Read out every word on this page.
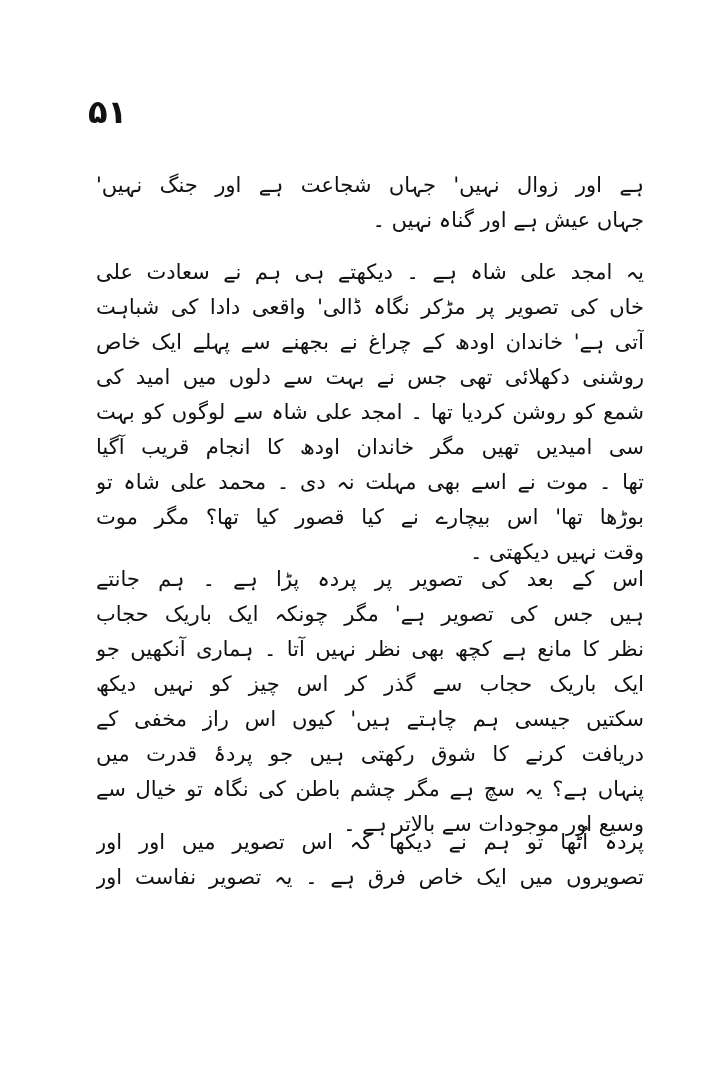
۵۱
ہے اور زوال نہیں' جہاں شجاعت ہے اور جنگ نہیں'
جہاں عیش ہے اور گناہ نہیں ۔
یہ امجد علی شاہ ہے ۔ دیکھتے ہی ہم نے سعادت علی
خاں کی تصویر پر مڑکر نگاہ ڈالی' واقعی دادا کی شباہت
آتی ہے' خاندان اودھ کے چراغ نے بجھنے سے پہلے ایک خاص
روشنی دکھلائی تھی جس نے بہت سے دلوں میں امید کی
شمع کو روشن کردیا تھا ۔ امجد علی شاہ سے لوگوں کو بہت
سی امیدیں تھیں مگر خاندان اودھ کا انجام قریب آگیا
تھا ۔ موت نے اسے بھی مہلت نہ دی ۔ محمد علی شاہ تو
بوڑھا تھا' اس بیچارے نے کیا قصور کیا تھا؟ مگر موت
وقت نہیں دیکھتی ۔
اس کے بعد کی تصویر پر پردہ پڑا ہے ۔ ہم جانتے
ہیں جس کی تصویر ہے' مگر چونکہ ایک باریک حجاب
نظر کا مانع ہے کچھ بھی نظر نہیں آتا ۔ ہماری آنکھیں جو
ایک باریک حجاب سے گذر کر اس چیز کو نہیں دیکھ
سکتیں جیسی ہم چاہتے ہیں' کیوں اس راز مخفی کے
دریافت کرنے کا شوق رکھتی ہیں جو پردۂ قدرت میں
پنہاں ہے؟ یہ سچ ہے مگر چشم باطن کی نگاہ تو خیال سے
وسیع اور موجودات سے بالاتر ہے ۔
پردہ اُٹھا تو ہم نے دیکھا کہ اس تصویر میں اور اور
تصویروں میں ایک خاص فرق ہے ۔ یہ تصویر نفاست اور
